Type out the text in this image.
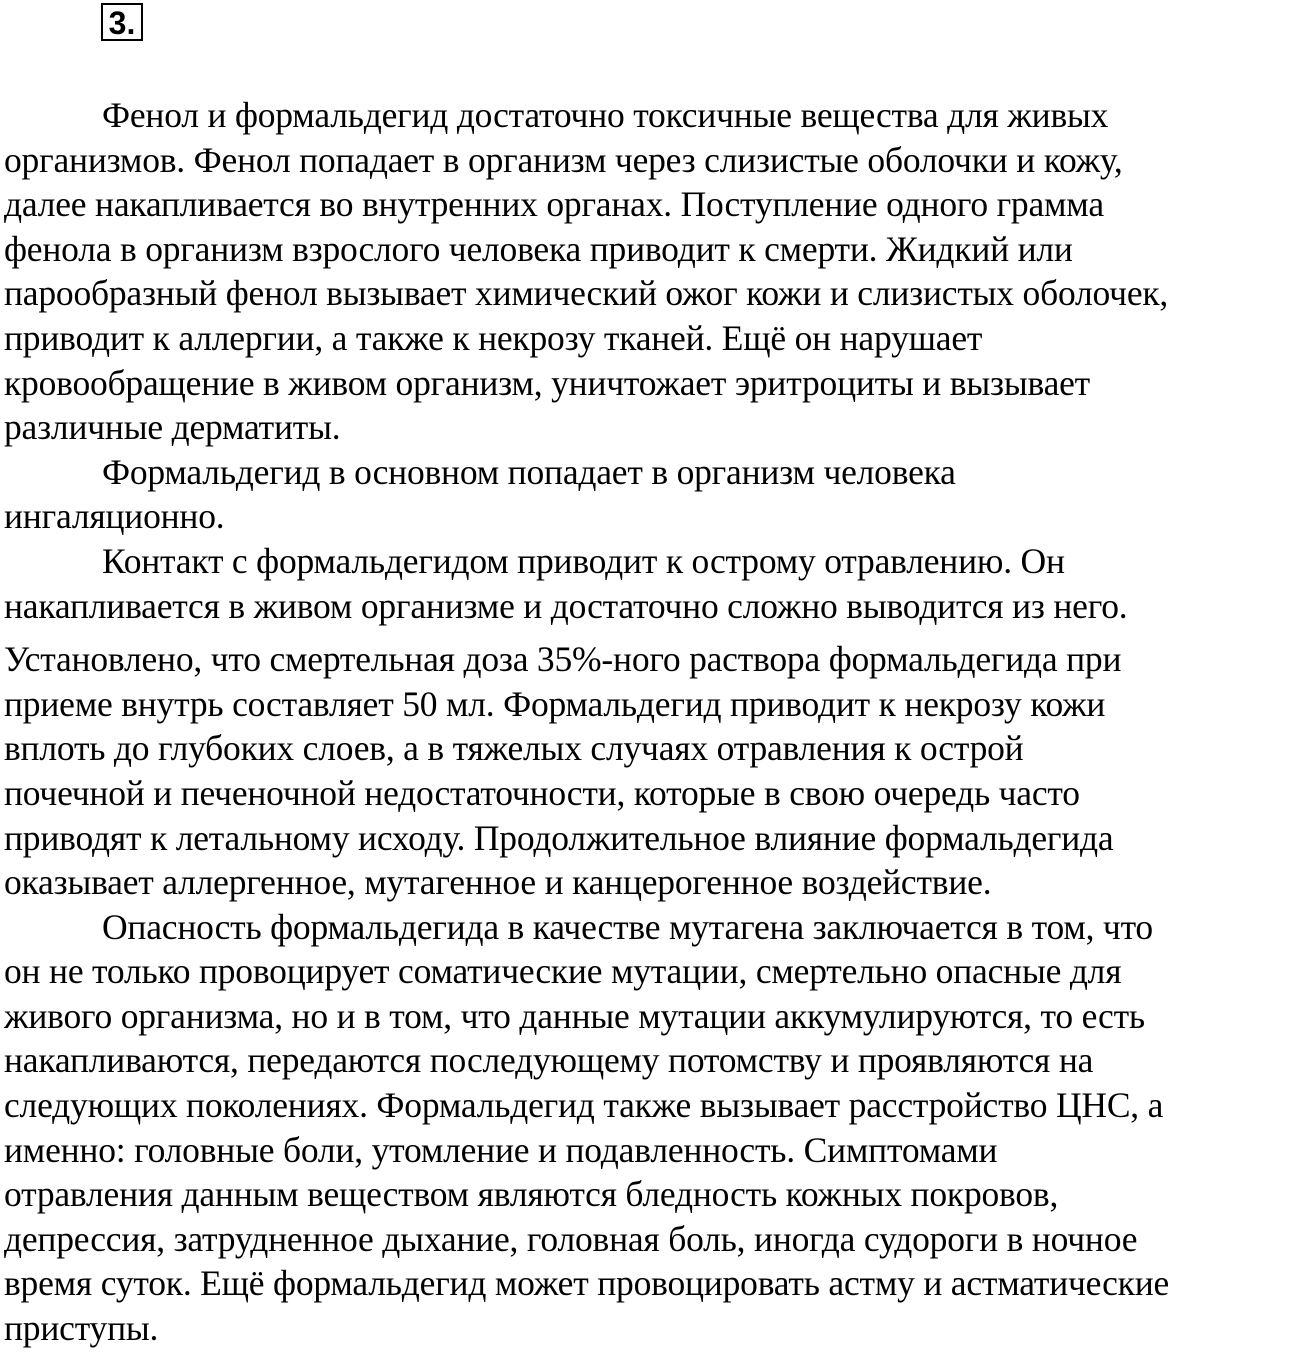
3.

Фенол и формальдегид достаточно токсичные вещества для живых
организмов. Фенол попадает в организм через слизистые оболочки и кожу,
далее накапливается во внутренних органах. Поступление одного грамма
фенола в организм взрослого человека приводит к смерти. Жидкий или
парообразный фенол вызывает химический ожог кожи и слизистых оболочек,
приводит к аллергии, а также к некрозу тканей. Ещё он нарушает
кровообращение в живом организм, уничтожает эритроциты и вызывает
различные дерматиты.

Формальдегид в основном попадает в организм человека
ингаляционно.

Контакт с формальдегидом приводит к острому отравлению. Он
накапливается в живом организме и достаточно сложно выводится из него.

Установлено, что смертельная доза 35%-ного раствора формальдегида при
приеме внутрь составляет 50 мл. Формальдегид приводит к некрозу кожи
вплоть до глубоких слоев, а в тяжелых случаях отравления к острой
почечной и печеночной недостаточности, которые в свою очередь часто
приводят к летальному исходу. Продолжительное влияние формальдегида
оказывает аллергенное, мутагенное и канцерогенное воздействие.

Опасность формальдегида в качестве мутагена заключается в том, что
он не только провоцирует соматические мутации, смертельно опасные для
живого организма, но и в том, что данные мутации аккумулируются, то есть
накапливаются, передаются последующему потомству и проявляются на
следующих поколениях. Формальдегид также вызывает расстройство ЦНС, а
именно: головные боли, утомление и подавленность. Симптомами
отравления данным веществом являются бледность кожных покровов,
депрессия, затрудненное дыхание, головная боль, иногда судороги в ночное
время суток. Ещё формальдегид может провоцировать астму и астматические
приступы.
